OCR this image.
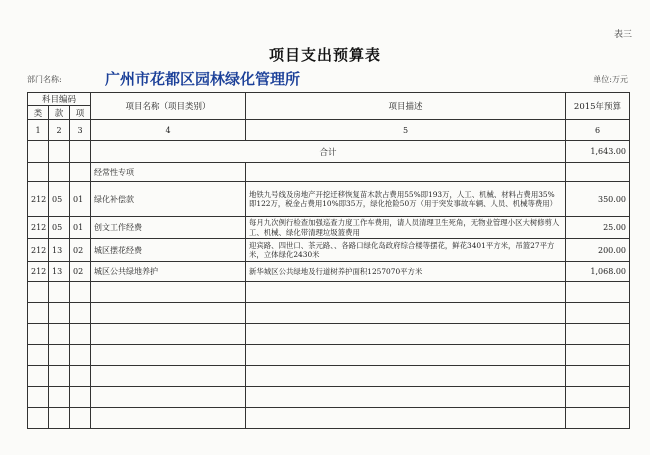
表三
项目支出预算表
部门名称:	广州市花都区园林绿化管理所	单位:万元
科目编码			项目名称（项目类别）	项目描述	2015年预算
类	款	项			
1	2	3	4	5	6
			合计		1,643.00
			经常性专项		
212	05	01	绿化补偿款	地铁九号线及房地产开挖迁移恢复苗木款占费用55%即193万，人工、机械、材料占费用35%即122万，税金占费用10%即35万，绿化抢险50万（用于突发事故车辆、人员、机械等费用）	350.00
212	05	01	创文工作经费	每月九次例行检查加强巡查力度工作车费用，请人员清理卫生死角，无物业管理小区大树修剪人工、机械、绿化带清理垃圾篮费用	25.00
212	13	02	城区摆花经费	迎宾路、四世口、茶元路、、各路口绿化岛政府综合楼等摆花，鲜花3401平方米，吊篮27平方米，立体绿化2430米	200.00
212	13	02	城区公共绿地养护	新华城区公共绿地及行道树养护面积1257070平方米	1,068.00
